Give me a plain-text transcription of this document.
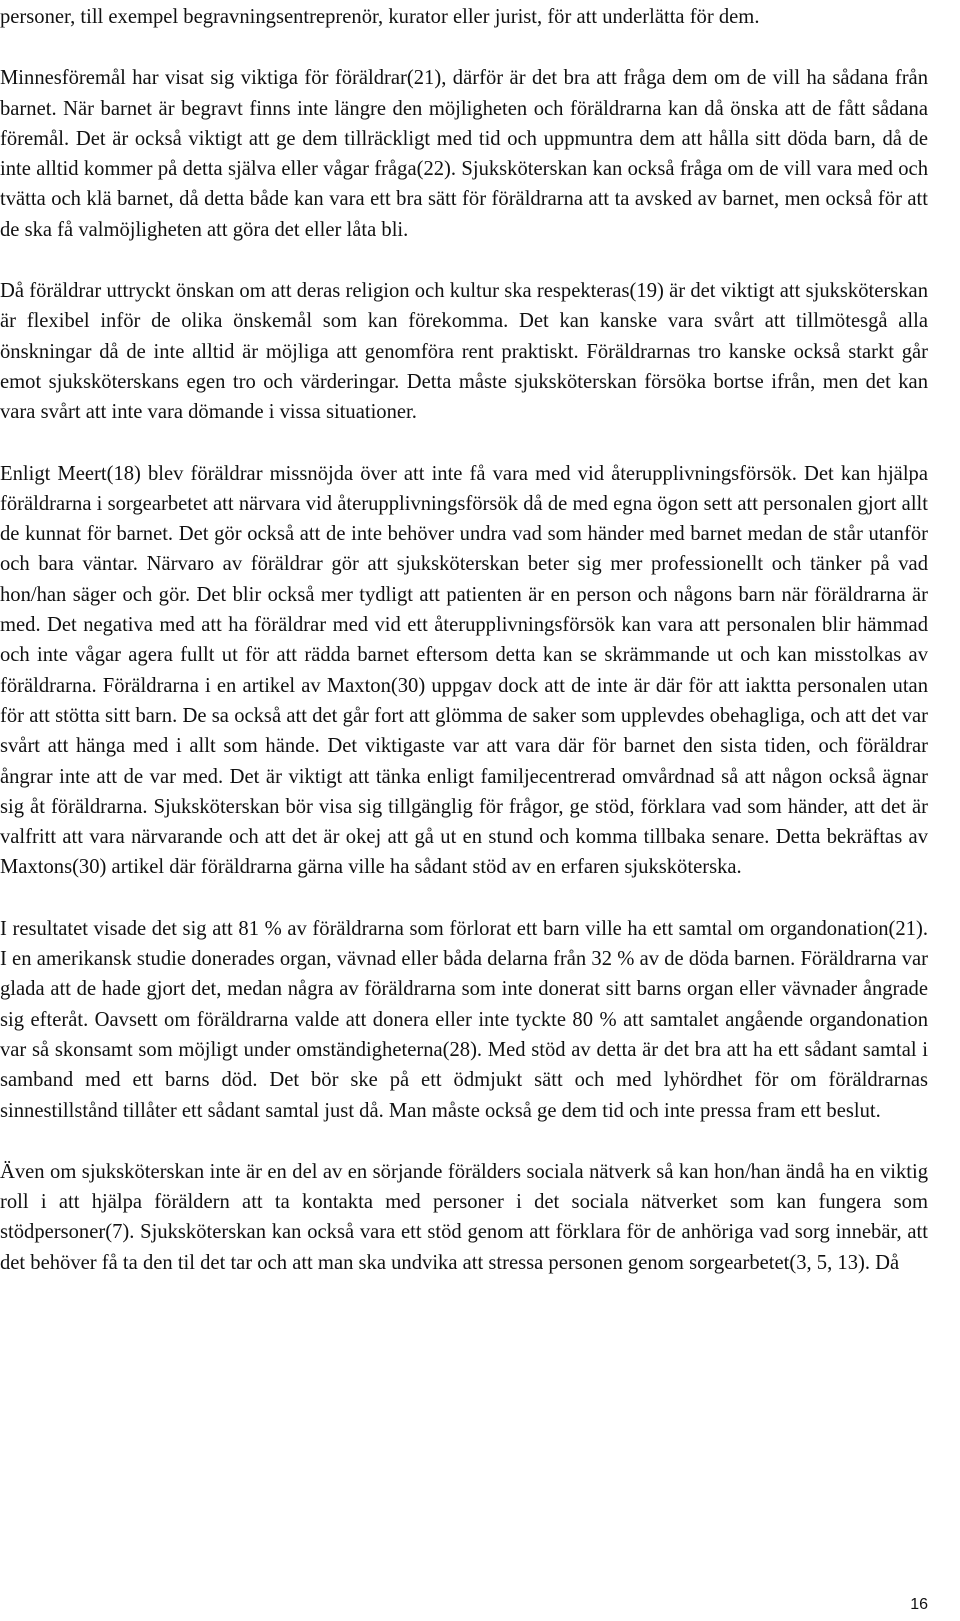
personer, till exempel begravningsentreprenör, kurator eller jurist, för att underlätta för dem.

Minnesföremål har visat sig viktiga för föräldrar(21), därför är det bra att fråga dem om de vill ha sådana från barnet. När barnet är begravt finns inte längre den möjligheten och föräldrarna kan då önska att de fått sådana föremål. Det är också viktigt att ge dem tillräckligt med tid och uppmuntra dem att hålla sitt döda barn, då de inte alltid kommer på detta själva eller vågar fråga(22). Sjuksköterskan kan också fråga om de vill vara med och tvätta och klä barnet, då detta både kan vara ett bra sätt för föräldrarna att ta avsked av barnet, men också för att de ska få valmöjligheten att göra det eller låta bli.

Då föräldrar uttryckt önskan om att deras religion och kultur ska respekteras(19) är det viktigt att sjuksköterskan är flexibel inför de olika önskemål som kan förekomma. Det kan kanske vara svårt att tillmötesgå alla önskningar då de inte alltid är möjliga att genomföra rent praktiskt. Föräldrarnas tro kanske också starkt går emot sjuksköterskans egen tro och värderingar. Detta måste sjuksköterskan försöka bortse ifrån, men det kan vara svårt att inte vara dömande i vissa situationer.

Enligt Meert(18) blev föräldrar missnöjda över att inte få vara med vid återupplivningsförsök. Det kan hjälpa föräldrarna i sorgearbetet att närvara vid återupplivningsförsök då de med egna ögon sett att personalen gjort allt de kunnat för barnet. Det gör också att de inte behöver undra vad som händer med barnet medan de står utanför och bara väntar. Närvaro av föräldrar gör att sjuksköterskan beter sig mer professionellt och tänker på vad hon/han säger och gör. Det blir också mer tydligt att patienten är en person och någons barn när föräldrarna är med. Det negativa med att ha föräldrar med vid ett återupplivningsförsök kan vara att personalen blir hämmad och inte vågar agera fullt ut för att rädda barnet eftersom detta kan se skrämmande ut och kan misstolkas av föräldrarna. Föräldrarna i en artikel av Maxton(30) uppgav dock att de inte är där för att iaktta personalen utan för att stötta sitt barn. De sa också att det går fort att glömma de saker som upplevdes obehagliga, och att det var svårt att hänga med i allt som hände. Det viktigaste var att vara där för barnet den sista tiden, och föräldrar ångrar inte att de var med. Det är viktigt att tänka enligt familjecentrerad omvårdnad så att någon också ägnar sig åt föräldrarna. Sjuksköterskan bör visa sig tillgänglig för frågor, ge stöd, förklara vad som händer, att det är valfritt att vara närvarande och att det är okej att gå ut en stund och komma tillbaka senare. Detta bekräftas av Maxtons(30) artikel där föräldrarna gärna ville ha sådant stöd av en erfaren sjuksköterska.

I resultatet visade det sig att 81 % av föräldrarna som förlorat ett barn ville ha ett samtal om organdonation(21). I en amerikansk studie donerades organ, vävnad eller båda delarna från 32 % av de döda barnen. Föräldrarna var glada att de hade gjort det, medan några av föräldrarna som inte donerat sitt barns organ eller vävnader ångrade sig efteråt. Oavsett om föräldrarna valde att donera eller inte tyckte 80 % att samtalet angående organdonation var så skonsamt som möjligt under omständigheterna(28). Med stöd av detta är det bra att ha ett sådant samtal i samband med ett barns död. Det bör ske på ett ödmjukt sätt och med lyhördhet för om föräldrarnas sinnestillstånd tillåter ett sådant samtal just då. Man måste också ge dem tid och inte pressa fram ett beslut.

Även om sjuksköterskan inte är en del av en sörjande förälders sociala nätverk så kan hon/han ändå ha en viktig roll i att hjälpa föräldern att ta kontakta med personer i det sociala nätverket som kan fungera som stödpersoner(7). Sjuksköterskan kan också vara ett stöd genom att förklara för de anhöriga vad sorg innebär, att det behöver få ta den til det tar och att man ska undvika att stressa personen genom sorgearbetet(3, 5, 13). Då

16
